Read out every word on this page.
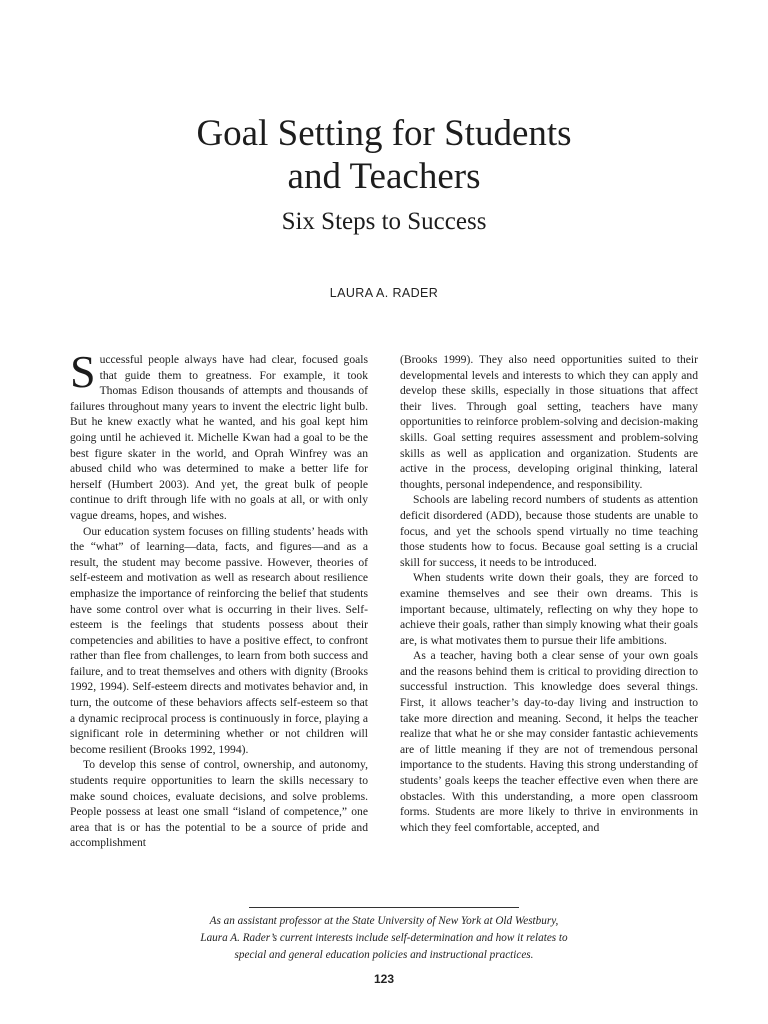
Goal Setting for Students
and Teachers
Six Steps to Success
LAURA A. RADER

Successful people always have had clear, focused goals that guide them to greatness. For example, it took Thomas Edison thousands of attempts and thousands of failures throughout many years to invent the electric light bulb. But he knew exactly what he wanted, and his goal kept him going until he achieved it. Michelle Kwan had a goal to be the best figure skater in the world, and Oprah Winfrey was an abused child who was determined to make a better life for herself (Humbert 2003). And yet, the great bulk of people continue to drift through life with no goals at all, or with only vague dreams, hopes, and wishes.

Our education system focuses on filling students’ heads with the “what” of learning—data, facts, and figures—and as a result, the student may become passive. However, theories of self-esteem and motivation as well as research about resilience emphasize the importance of reinforcing the belief that students have some control over what is occurring in their lives. Self-esteem is the feelings that students possess about their competencies and abilities to have a positive effect, to confront rather than flee from challenges, to learn from both success and failure, and to treat themselves and others with dignity (Brooks 1992, 1994). Self-esteem directs and motivates behavior and, in turn, the outcome of these behaviors affects self-esteem so that a dynamic reciprocal process is continuously in force, playing a significant role in determining whether or not children will become resilient (Brooks 1992, 1994).

To develop this sense of control, ownership, and autonomy, students require opportunities to learn the skills necessary to make sound choices, evaluate decisions, and solve problems. People possess at least one small “island of competence,” one area that is or has the potential to be a source of pride and accomplishment

(Brooks 1999). They also need opportunities suited to their developmental levels and interests to which they can apply and develop these skills, especially in those situations that affect their lives. Through goal setting, teachers have many opportunities to reinforce problem-solving and decision-making skills. Goal setting requires assessment and problem-solving skills as well as application and organization. Students are active in the process, developing original thinking, lateral thoughts, personal independence, and responsibility.

Schools are labeling record numbers of students as attention deficit disordered (ADD), because those students are unable to focus, and yet the schools spend virtually no time teaching those students how to focus. Because goal setting is a crucial skill for success, it needs to be introduced.

When students write down their goals, they are forced to examine themselves and see their own dreams. This is important because, ultimately, reflecting on why they hope to achieve their goals, rather than simply knowing what their goals are, is what motivates them to pursue their life ambitions.

As a teacher, having both a clear sense of your own goals and the reasons behind them is critical to providing direction to successful instruction. This knowledge does several things. First, it allows teacher’s day-to-day living and instruction to take more direction and meaning. Second, it helps the teacher realize that what he or she may consider fantastic achievements are of little meaning if they are not of tremendous personal importance to the students. Having this strong understanding of students’ goals keeps the teacher effective even when there are obstacles. With this understanding, a more open classroom forms. Students are more likely to thrive in environments in which they feel comfortable, accepted, and

As an assistant professor at the State University of New York at Old Westbury,
Laura A. Rader’s current interests include self-determination and how it relates to
special and general education policies and instructional practices.
123
